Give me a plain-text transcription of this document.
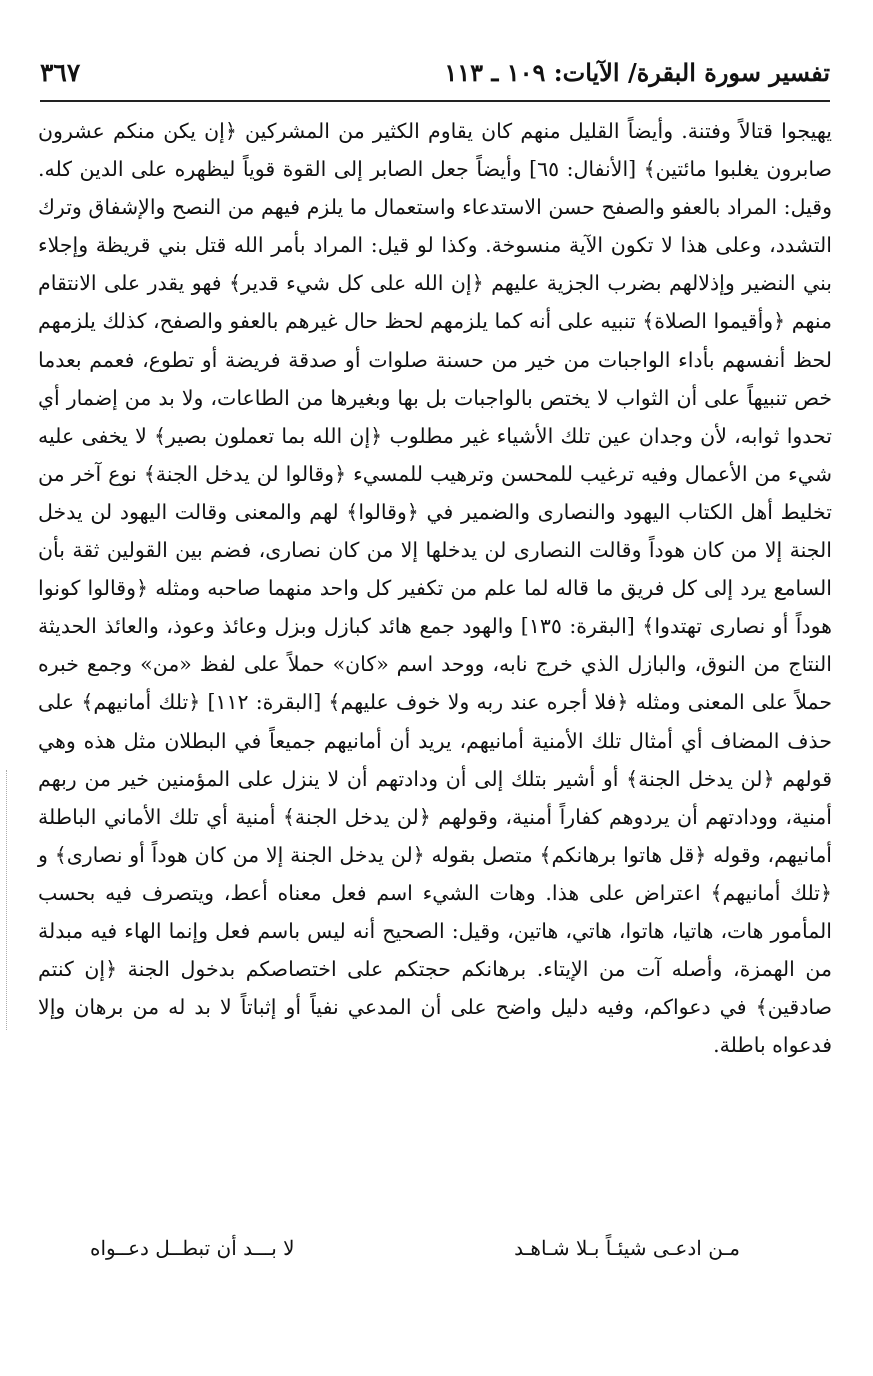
تفسير سورة البقرة/ الآيات: ١٠٩ ـ ١١٣
٣٦٧

يهيجوا قتالاً وفتنة. وأيضاً القليل منهم كان يقاوم الكثير من المشركين ﴿إن يكن منكم عشرون صابرون يغلبوا مائتين﴾ [الأنفال: ٦٥] وأيضاً جعل الصابر إلى القوة قوياً ليظهره على الدين كله. وقيل: المراد بالعفو والصفح حسن الاستدعاء واستعمال ما يلزم فيهم من النصح والإشفاق وترك التشدد، وعلى هذا لا تكون الآية منسوخة. وكذا لو قيل: المراد بأمر الله قتل بني قريظة وإجلاء بني النضير وإذلالهم بضرب الجزية عليهم ﴿إن الله على كل شيء قدير﴾ فهو يقدر على الانتقام منهم ﴿وأقيموا الصلاة﴾ تنبيه على أنه كما يلزمهم لحظ حال غيرهم بالعفو والصفح، كذلك يلزمهم لحظ أنفسهم بأداء الواجبات من خير من حسنة صلوات أو صدقة فريضة أو تطوع، فعمم بعدما خص تنبيهاً على أن الثواب لا يختص بالواجبات بل بها وبغيرها من الطاعات، ولا بد من إضمار أي تحدوا ثوابه، لأن وجدان عين تلك الأشياء غير مطلوب ﴿إن الله بما تعملون بصير﴾ لا يخفى عليه شيء من الأعمال وفيه ترغيب للمحسن وترهيب للمسيء ﴿وقالوا لن يدخل الجنة﴾ نوع آخر من تخليط أهل الكتاب اليهود والنصارى والضمير في ﴿وقالوا﴾ لهم والمعنى وقالت اليهود لن يدخل الجنة إلا من كان هوداً وقالت النصارى لن يدخلها إلا من كان نصارى، فضم بين القولين ثقة بأن السامع يرد إلى كل فريق ما قاله لما علم من تكفير كل واحد منهما صاحبه ومثله ﴿وقالوا كونوا هوداً أو نصارى تهتدوا﴾ [البقرة: ١٣٥] والهود جمع هائد كبازل وبزل وعائذ وعوذ، والعائذ الحديثة النتاج من النوق، والبازل الذي خرج نابه، ووحد اسم «كان» حملاً على لفظ «من» وجمع خبره حملاً على المعنى ومثله ﴿فلا أجره عند ربه ولا خوف عليهم﴾ [البقرة: ١١٢] ﴿تلك أمانيهم﴾ على حذف المضاف أي أمثال تلك الأمنية أمانيهم، يريد أن أمانيهم جميعاً في البطلان مثل هذه وهي قولهم ﴿لن يدخل الجنة﴾ أو أشير بتلك إلى أن ودادتهم أن لا ينزل على المؤمنين خير من ربهم أمنية، وودادتهم أن يردوهم كفاراً أمنية، وقولهم ﴿لن يدخل الجنة﴾ أمنية أي تلك الأماني الباطلة أمانيهم، وقوله ﴿قل هاتوا برهانكم﴾ متصل بقوله ﴿لن يدخل الجنة إلا من كان هوداً أو نصارى﴾ و ﴿تلك أمانيهم﴾ اعتراض على هذا. وهات الشيء اسم فعل معناه أعط، ويتصرف فيه بحسب المأمور هات، هاتيا، هاتوا، هاتي، هاتين، وقيل: الصحيح أنه ليس باسم فعل وإنما الهاء فيه مبدلة من الهمزة، وأصله آت من الإيتاء. برهانكم حجتكم على اختصاصكم بدخول الجنة ﴿إن كنتم صادقين﴾ في دعواكم، وفيه دليل واضح على أن المدعي نفياً أو إثباتاً لا بد له من برهان وإلا فدعواه باطلة.

مـن ادعـى شيئـاً بـلا شـاهـد
لا بـــد أن تبطــل دعــواه
